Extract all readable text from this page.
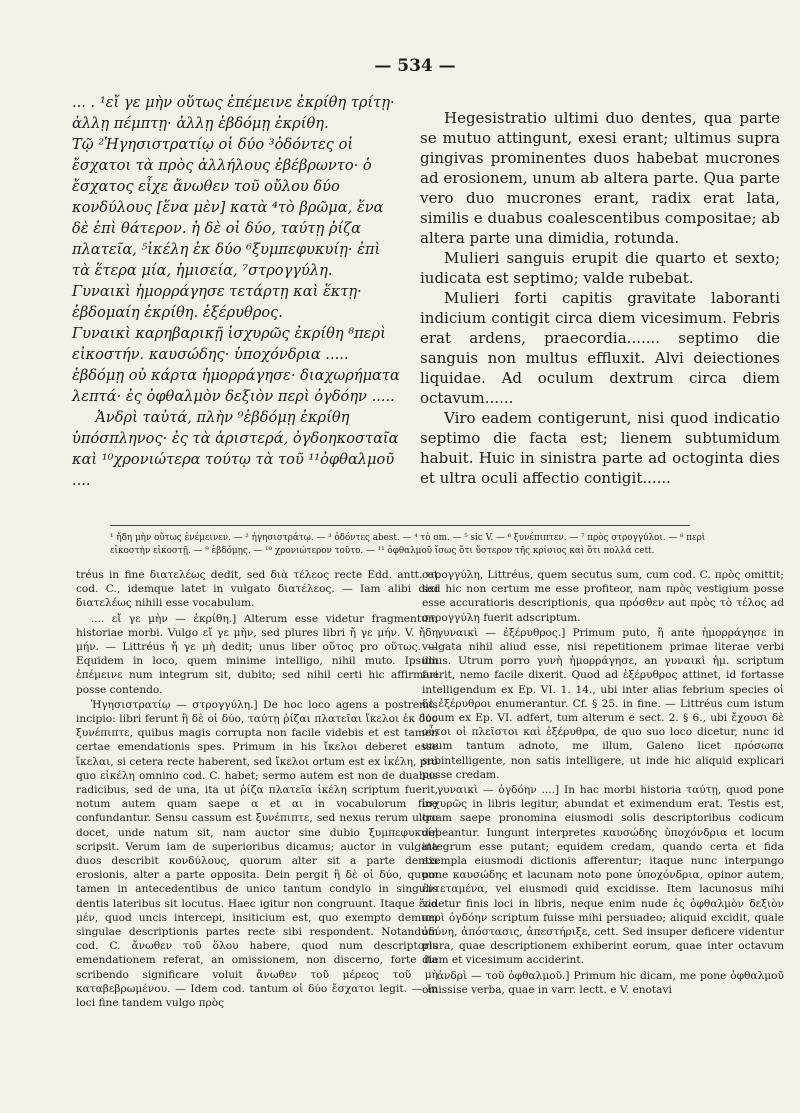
— 534 —

... . ¹εἴ γε μὴν οὕτως ἐπέμεινε ἐκρίθη τρίτῃ· ἀλλῃ πέμπτῃ· ἀλλῃ ἑβδόμῃ ἐκρίθη.

Τῷ ²Ἡγησιστρατίῳ οἱ δύο ³ὀδόντες οἱ ἔσχατοι τὰ πρὸς ἀλλήλους ἐβέβρωντο· ὁ ἔσχατος εἶχε ἄνωθεν τοῦ οὔλου δύο κονδύλους [ἕνα μὲν] κατὰ ⁴τὸ βρῶμα, ἕνα δὲ ἐπὶ θάτερον. ἡ δὲ οἱ δύο, ταύτῃ ῥίζα πλατεῖα, ⁵ἰκέλη ἐκ δύο ⁶ξυμπεφυκυίῃ· ἐπὶ τὰ ἕτερα μία, ἡμισεία, ⁷στρογγύλη.

Γυναικὶ ἡμορράγησε τετάρτῃ καὶ ἕκτῃ· ἑβδομαίη ἐκρίθη. ἐξέρυθρος.

Γυναικὶ καρηβαρικῇ ἰσχυρῶς ἐκρίθη ⁸περὶ εἰκοστήν. καυσώδης· ὑποχόνδρια ..... ἑβδόμῃ οὐ κάρτα ἡμορράγησε· διαχωρήματα λεπτά· ἐς ὀφθαλμὸν δεξιὸν περὶ ὀγδόην .....

Ἀνδρὶ ταὐτά, πλὴν ⁹ἑβδόμῃ ἐκρίθη ὑπόσπληνος· ἐς τὰ ἀριστερά, ὀγδοηκοσταῖα καὶ ¹⁰χρονιώτερα τούτῳ τὰ τοῦ ¹¹ὀφθαλμοῦ ....

Hegesistratio ultimi duo dentes, qua parte se mutuo attingunt, exesi erant; ultimus supra gingivas prominentes duos habebat mucrones ad erosionem, unum ab altera parte. Qua parte vero duo mucrones erant, radix erat lata, similis e duabus coalescentibus compositae; ab altera parte una dimidia, rotunda.

Mulieri sanguis erupit die quarto et sexto; iudicata est septimo; valde rubebat.

Mulieri forti capitis gravitate laboranti indicium contigit circa diem vicesimum. Febris erat ardens, praecordia....... septimo die sanguis non multus effluxit. Alvi deiectiones liquidae. Ad oculum dextrum circa diem octavum......

Viro eadem contigerunt, nisi quod indicatio septimo die facta est; lienem subtumidum habuit. Huic in sinistra parte ad octoginta dies et ultra oculi affectio contigit......

¹ ἤδη μὴν οὕτως ἐνέμεινεν. — ² ἡγησιστράτῳ. — ³ ὀδόντες abest. — ⁴ τὸ om. — ⁵ sic V. — ⁶ ξυνέπιπτεν. — ⁷ πρὸς στρογγύλοι. — ⁸ περὶ εἰκοστὴν εἰκοστῇ. — ⁹ ἑβδόμῃς. — ¹⁰ χρονιώτερον τοῦτο. — ¹¹ ὀφθαλμοῦ ἴσως ὅτι ὕστερον τῆς κρίσιος καὶ ὅτι πολλά cett.

tréus in fine διατελέως dedit, sed διὰ τέλεος recte Edd. antt. et cod. C., idemque latet in vulgato διατέλεος. — Iam alibi dixi διατελέως nihili esse vocabulum.

.... εἴ γε μὴν — ἐκρίθη.] Alterum esse videtur fragmentum historiae morbi. Vulgo εἴ γε μὴν, sed plures libri ἤ γε μήν. V. ἤδη μήν. — Littréus ἤ γε μὴ dedit; unus liber οὕτος pro οὕτως. — Equidem in loco, quem minime intelligo, nihil muto. Ipsum ἐπέμεινε num integrum sit, dubito; sed nihil certi hic affirmari posse contendo.

Ἡγησιστρατίῳ — στρογγύλη.] De hoc loco agens a postremis incipio: libri ferunt ἢ δὲ οἱ δύο, ταύτῃ ῥίζαι πλατεῖαι ἴκελοι ἐκ δύο ξυνέπιπτε, quibus magis corrupta non facile videbis et est tamen certae emendationis spes. Primum in his ἴκελοι deberet esse ἴκελαι, si cetera recte haberent, sed ἴκελοι ortum est ex ἰκέλη, pro quo εἰκέλη omnino cod. C. habet; sermo autem est non de duabus radicibus, sed de una, ita ut ῥίζα πλατεῖα ἰκέλη scriptum fuerit, notum autem quam saepe α et αι in vocabulorum fine confundantur. Sensu cassum est ξυνέπιπτε, sed nexus rerum ultro docet, unde natum sit, nam auctor sine dubio ξυμπεφυκυίῃ scripsit. Verum iam de superioribus dicamus; auctor in vulgata duos describit κονδύλους, quorum alter sit a parte dentis erosionis, alter a parte opposita. Dein pergit ἢ δὲ οἱ δύο, quum tamen in antecedentibus de unico tantum condylo in singulis dentis lateribus sit locutus. Haec igitur non congruunt. Itaque ἕνα μέν, quod uncis intercepi, insiticium est, quo exempto demum singulae descriptionis partes recte sibi respondent. Notandum cod. C. ἄνωθεν τοῦ ὅλου habere, quod num descriptoris emendationem referat, an omissionem, non discerno, forte ita scribendo significare voluit ἄνωθεν τοῦ μέρεος τοῦ μὴ καταβεβρωμένου. — Idem cod. tantum οἱ δύο ἔσχατοι legit. — In loci fine tandem vulgo πρὸς

στρογγύλη, Littréus, quem secutus sum, cum cod. C. πρὸς omittit; sed hic non certum me esse profiteor, nam πρὸς vestigium posse esse accuratioris descriptionis, qua πρόσθεν aut πρὸς τὸ τέλος ad στρογγύλη fuerit adscriptum.

γυναικὶ — ἐξέρυθρος.] Primum puto, ἢ ante ἡμορράγησε in vulgata nihil aliud esse, nisi repetitionem primae literae verbi illius. Utrum porro γυνὴ ἡμορράγησε, an γυναικὶ ἡμ. scriptum fuerit, nemo facile dixerit. Quod ad ἐξέρυθρος attinet, id fortasse intelligendum ex Ep. VI. 1. 14., ubi inter alias febrium species οἱ δὲ ἐξέρυθροι enumerantur. Cf. § 25. in fine. — Littréus cum istum locum ex Ep. VI. adfert, tum alterum e sect. 2. § 6., ubi ἔχουσι δὲ οὗτοι οἱ πλεῖστοι καὶ ἐξέρυθρα, de quo suo loco dicetur, nunc id unum tantum adnoto, me illum, Galeno licet πρόσωπα subintelligente, non satis intelligere, ut inde hic aliquid explicari posse credam.

γυναικὶ — ὀγδόην ....] In hac morbi historia ταύτῃ, quod pone ἰσχυρῶς in libris legitur, abundat et eximendum erat. Testis est, quam saepe pronomina eiusmodi solis descriptoribus codicum debeantur. Iungunt interpretes καυσώδης ὑποχόνδρια et locum integrum esse putant; equidem credam, quando certa et fida exempla eiusmodi dictionis afferentur; itaque nunc interpungo pone καυσώδης et lacunam noto pone ὑποχόνδρια, opinor autem, ἐντεταμένα, vel eiusmodi quid excidisse. Item lacunosus mihi videtur finis loci in libris, neque enim nude ἐς ὀφθαλμὸν δεξιὸν περὶ ὀγδόην scriptum fuisse mihi persuadeo; aliquid excidit, quale ὀδύνη, ἀπόστασις, ἀπεστήριξε, cett. Sed insuper deficere videntur plura, quae descriptionem exhiberint eorum, quae inter octavum diem et vicesimum acciderint.

ἀνδρὶ — τοῦ ὀφθαλμοῦ.] Primum hic dicam, me pone ὀφθαλμοῦ omissise verba, quae in varr. lectt. e V. enotavi
